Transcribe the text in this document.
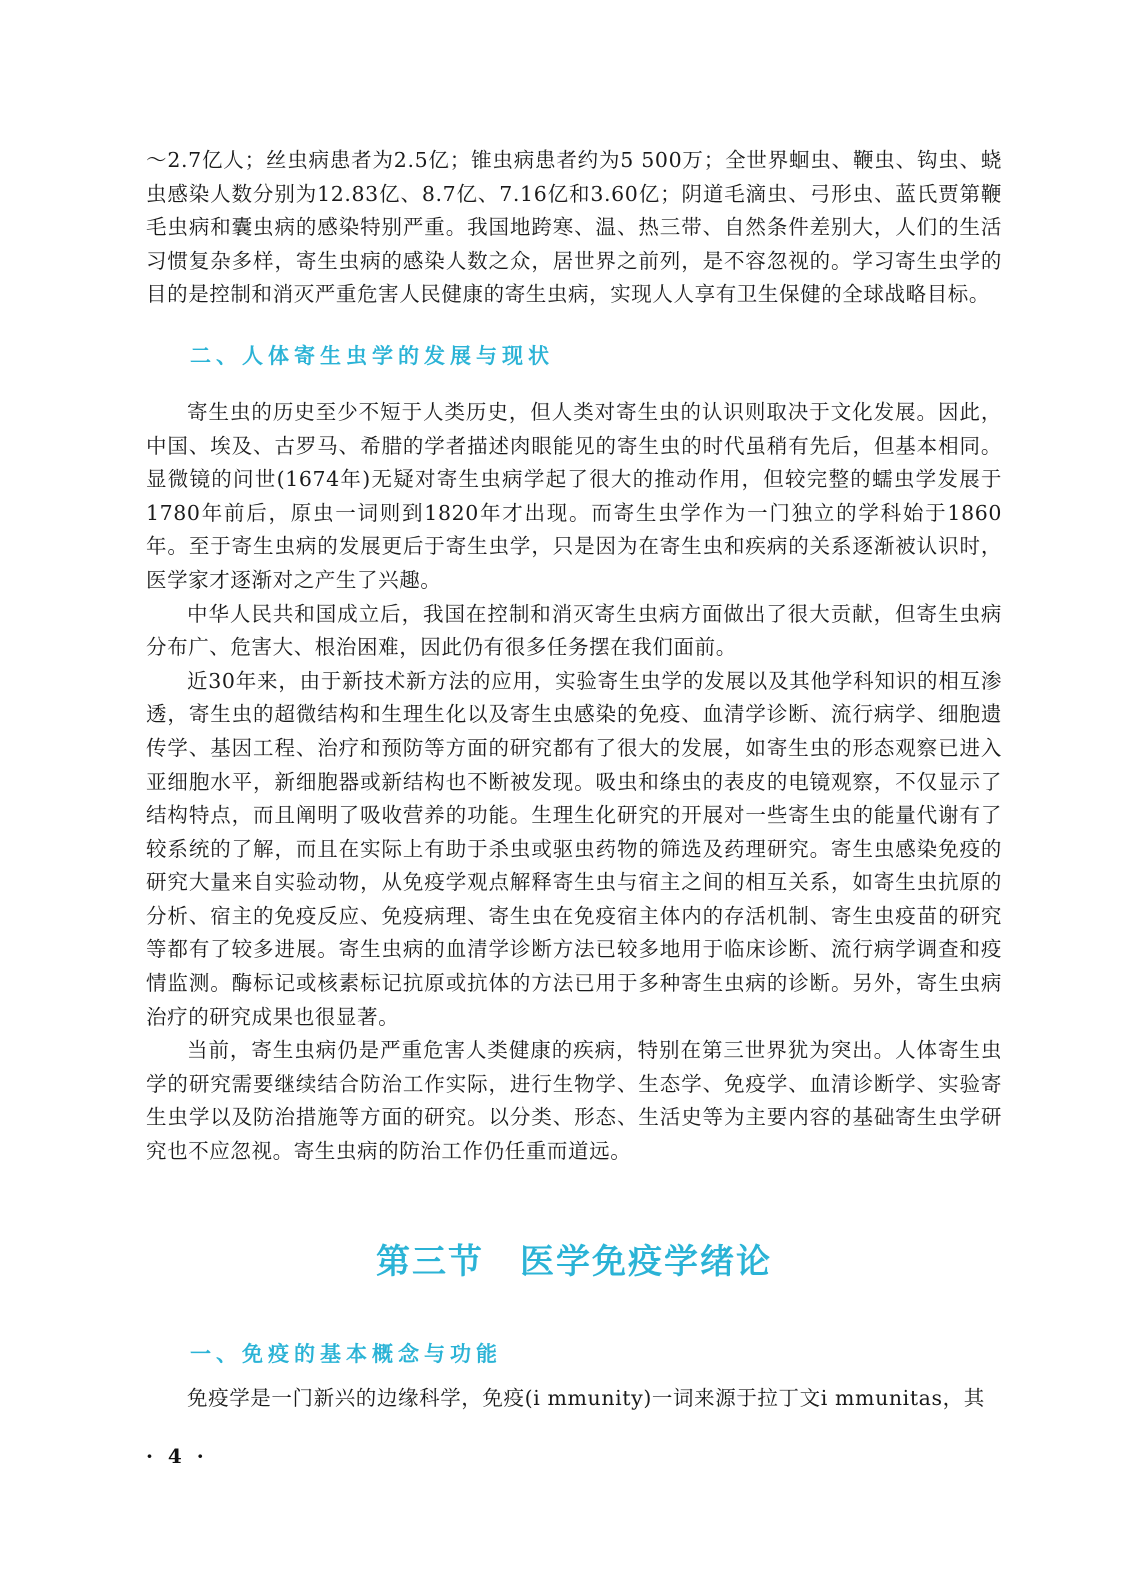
～2.7亿人；丝虫病患者为2.5亿；锥虫病患者约为5 500万；全世界蛔虫、鞭虫、钩虫、蛲虫感染人数分别为12.83亿、8.7亿、7.16亿和3.60亿；阴道毛滴虫、弓形虫、蓝氏贾第鞭毛虫病和囊虫病的感染特别严重。我国地跨寒、温、热三带、自然条件差别大，人们的生活习惯复杂多样，寄生虫病的感染人数之众，居世界之前列，是不容忽视的。学习寄生虫学的目的是控制和消灭严重危害人民健康的寄生虫病，实现人人享有卫生保健的全球战略目标。

二、人体寄生虫学的发展与现状

寄生虫的历史至少不短于人类历史，但人类对寄生虫的认识则取决于文化发展。因此，中国、埃及、古罗马、希腊的学者描述肉眼能见的寄生虫的时代虽稍有先后，但基本相同。显微镜的问世(1674年)无疑对寄生虫病学起了很大的推动作用，但较完整的蠕虫学发展于1780年前后，原虫一词则到1820年才出现。而寄生虫学作为一门独立的学科始于1860年。至于寄生虫病的发展更后于寄生虫学，只是因为在寄生虫和疾病的关系逐渐被认识时，医学家才逐渐对之产生了兴趣。

中华人民共和国成立后，我国在控制和消灭寄生虫病方面做出了很大贡献，但寄生虫病分布广、危害大、根治困难，因此仍有很多任务摆在我们面前。

近30年来，由于新技术新方法的应用，实验寄生虫学的发展以及其他学科知识的相互渗透，寄生虫的超微结构和生理生化以及寄生虫感染的免疫、血清学诊断、流行病学、细胞遗传学、基因工程、治疗和预防等方面的研究都有了很大的发展，如寄生虫的形态观察已进入亚细胞水平，新细胞器或新结构也不断被发现。吸虫和绦虫的表皮的电镜观察，不仅显示了结构特点，而且阐明了吸收营养的功能。生理生化研究的开展对一些寄生虫的能量代谢有了较系统的了解，而且在实际上有助于杀虫或驱虫药物的筛选及药理研究。寄生虫感染免疫的研究大量来自实验动物，从免疫学观点解释寄生虫与宿主之间的相互关系，如寄生虫抗原的分析、宿主的免疫反应、免疫病理、寄生虫在免疫宿主体内的存活机制、寄生虫疫苗的研究等都有了较多进展。寄生虫病的血清学诊断方法已较多地用于临床诊断、流行病学调查和疫情监测。酶标记或核素标记抗原或抗体的方法已用于多种寄生虫病的诊断。另外，寄生虫病治疗的研究成果也很显著。

当前，寄生虫病仍是严重危害人类健康的疾病，特别在第三世界犹为突出。人体寄生虫学的研究需要继续结合防治工作实际，进行生物学、生态学、免疫学、血清诊断学、实验寄生虫学以及防治措施等方面的研究。以分类、形态、生活史等为主要内容的基础寄生虫学研究也不应忽视。寄生虫病的防治工作仍任重而道远。

第三节　医学免疫学绪论
一、免疫的基本概念与功能

免疫学是一门新兴的边缘科学，免疫(i mmunity)一词来源于拉丁文i mmunitas，其

· 4 ·
